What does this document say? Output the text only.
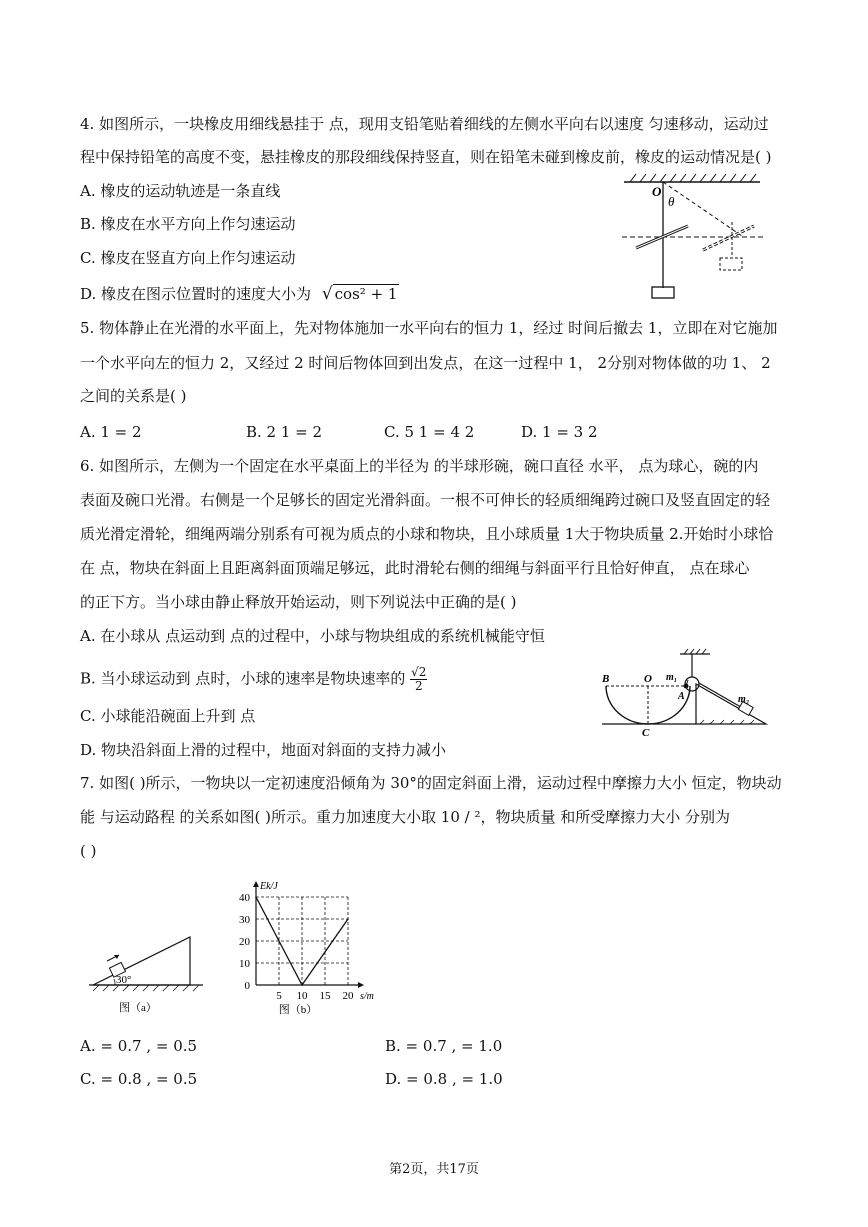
4. 如图所示，一块橡皮用细线悬挂于 点，现用支铅笔贴着细线的左侧水平向右以速度 匀速移动，运动过
程中保持铅笔的高度不变，悬挂橡皮的那段细线保持竖直，则在铅笔未碰到橡皮前，橡皮的运动情况是( )
A. 橡皮的运动轨迹是一条直线
B. 橡皮在水平方向上作匀速运动
C. 橡皮在竖直方向上作匀速运动
D. 橡皮在图示位置时的速度大小为 √ cos² + 1
O
θ
5. 物体静止在光滑的水平面上，先对物体施加一水平向右的恒力 1，经过 时间后撤去 1，立即在对它施加
一个水平向左的恒力 2，又经过 2 时间后物体回到出发点，在这一过程中 1， 2分别对物体做的功 1、 2
之间的关系是( )
A. 1 = 2	B. 2 1 = 2	C. 5 1 = 4 2	D. 1 = 3 2
6. 如图所示，左侧为一个固定在水平桌面上的半径为 的半球形碗，碗口直径 水平， 点为球心，碗的内
表面及碗口光滑。右侧是一个足够长的固定光滑斜面。一根不可伸长的轻质细绳跨过碗口及竖直固定的轻
质光滑定滑轮，细绳两端分别系有可视为质点的小球和物块，且小球质量 1大于物块质量 2.开始时小球恰
在 点，物块在斜面上且距离斜面顶端足够远，此时滑轮右侧的细绳与斜面平行且恰好伸直， 点在球心
的正下方。当小球由静止释放开始运动，则下列说法中正确的是( )
A. 在小球从 点运动到 点的过程中，小球与物块组成的系统机械能守恒
B. 当小球运动到 点时，小球的速率是物块速率的 $\frac{√2}{2}$
C. 小球能沿碗面上升到 点
D. 物块沿斜面上滑的过程中，地面对斜面的支持力减小
B	O m₁
A
C
m₂
7. 如图( )所示，一物块以一定初速度沿倾角为 30°的固定斜面上滑，运动过程中摩擦力大小 恒定，物块动
能 与运动路程 的关系如图( )所示。重力加速度大小取 10 / ²，物块质量 和所受摩擦力大小 分别为
( )
30°
图（a）
0
10
20
30
40
5 10 15 20
Ek/J
s/m
图（b）
A. = 0.7 , = 0.5	B. = 0.7 , = 1.0
C. = 0.8 , = 0.5	D. = 0.8 , = 1.0
第2页，共17页
